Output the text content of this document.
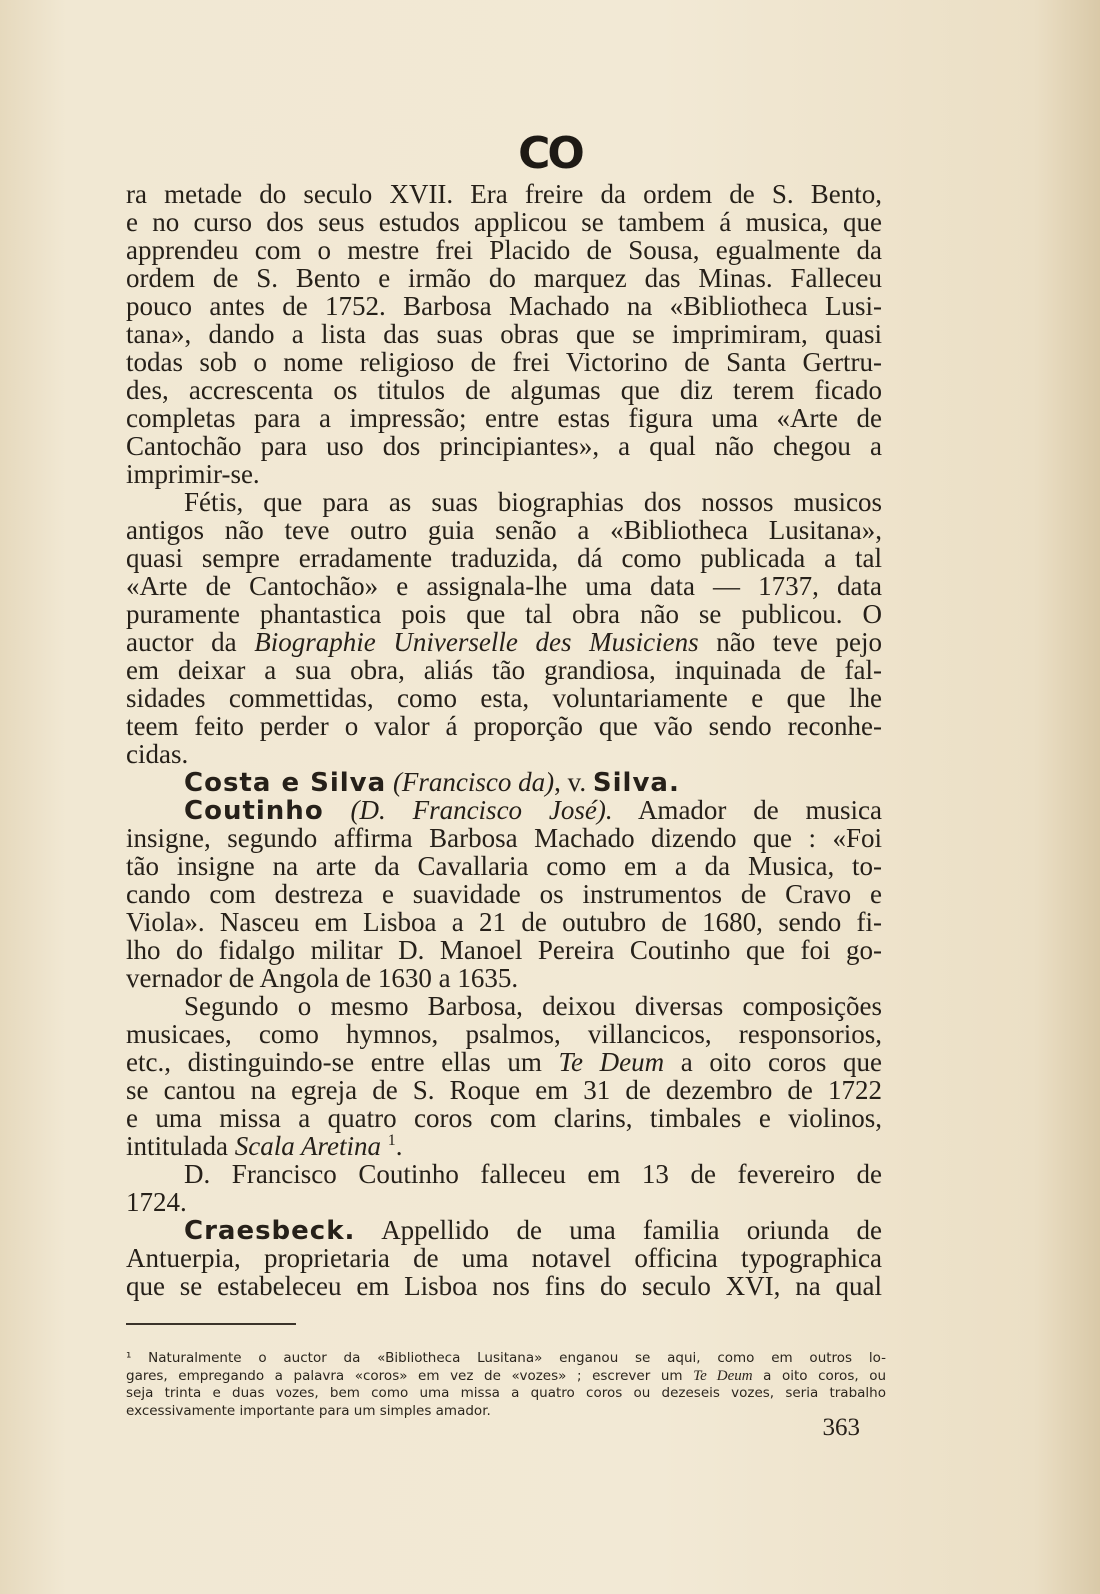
CO

ra metade do seculo XVII. Era freire da ordem de S. Bento,
e no curso dos seus estudos applicou se tambem á musica, que
apprendeu com o mestre frei Placido de Sousa, egualmente da
ordem de S. Bento e irmão do marquez das Minas. Falleceu
pouco antes de 1752. Barbosa Machado na «Bibliotheca Lusi-
tana», dando a lista das suas obras que se imprimiram, quasi
todas sob o nome religioso de frei Victorino de Santa Gertru-
des, accrescenta os titulos de algumas que diz terem ficado
completas para a impressão; entre estas figura uma «Arte de
Cantochão para uso dos principiantes», a qual não chegou a
imprimir-se.

Fétis, que para as suas biographias dos nossos musicos
antigos não teve outro guia senão a «Bibliotheca Lusitana»,
quasi sempre erradamente traduzida, dá como publicada a tal
«Arte de Cantochão» e assignala-lhe uma data — 1737, data
puramente phantastica pois que tal obra não se publicou. O
auctor da Biographie Universelle des Musiciens não teve pejo
em deixar a sua obra, aliás tão grandiosa, inquinada de fal-
sidades commettidas, como esta, voluntariamente e que lhe
teem feito perder o valor á proporção que vão sendo reconhe-
cidas.

Costa e Silva (Francisco da), v. Silva.

Coutinho (D. Francisco José). Amador de musica
insigne, segundo affirma Barbosa Machado dizendo que : «Foi
tão insigne na arte da Cavallaria como em a da Musica, to-
cando com destreza e suavidade os instrumentos de Cravo e
Viola». Nasceu em Lisboa a 21 de outubro de 1680, sendo fi-
lho do fidalgo militar D. Manoel Pereira Coutinho que foi go-
vernador de Angola de 1630 a 1635.

Segundo o mesmo Barbosa, deixou diversas composições
musicaes, como hymnos, psalmos, villancicos, responsorios,
etc., distinguindo-se entre ellas um Te Deum a oito coros que
se cantou na egreja de S. Roque em 31 de dezembro de 1722
e uma missa a quatro coros com clarins, timbales e violinos,
intitulada Scala Aretina $^1$.

D. Francisco Coutinho falleceu em 13 de fevereiro de
1724.

Craesbeck. Appellido de uma familia oriunda de
Antuerpia, proprietaria de uma notavel officina typographica
que se estabeleceu em Lisboa nos fins do seculo XVI, na qual

¹ Naturalmente o auctor da «Bibliotheca Lusitana» enganou se aqui, como em outros lo-
gares, empregando a palavra «coros» em vez de «vozes» ; escrever um Te Deum a oito coros, ou
seja trinta e duas vozes, bem como uma missa a quatro coros ou dezeseis vozes, seria trabalho
excessivamente importante para um simples amador.
363
